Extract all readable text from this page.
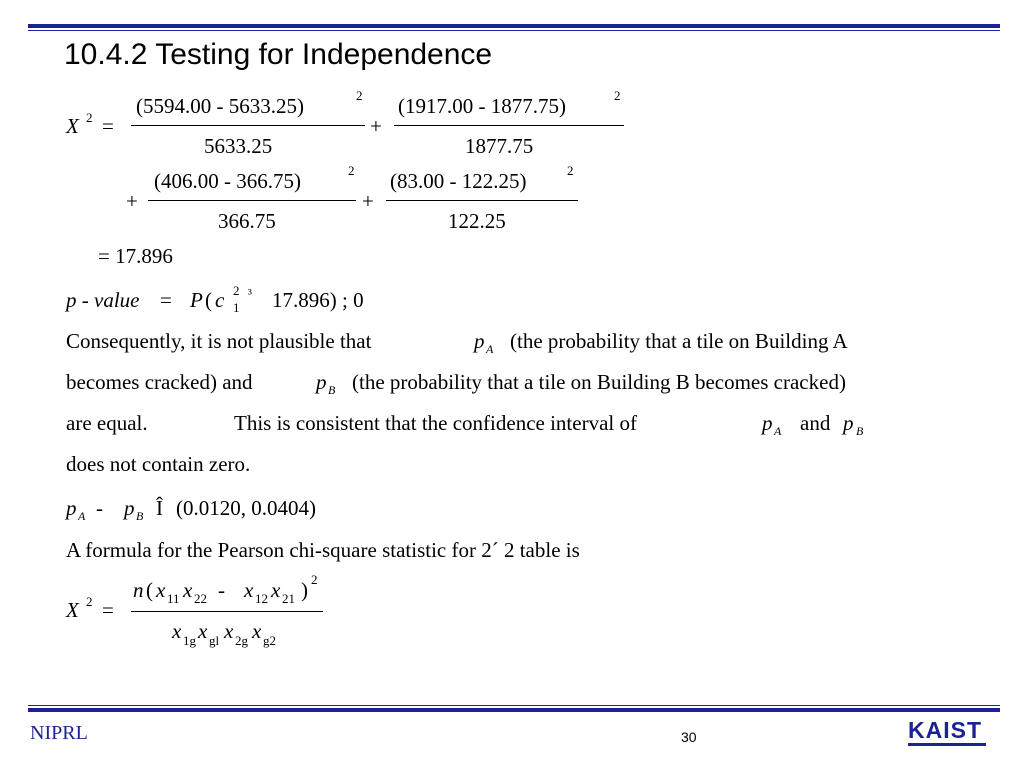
10.4.2 Testing for Independence
X 2 =
(5594.00 - 5633.25)	2
5633.25
+
(1917.00 - 1877.75)	2
1877.75
+
(406.00 - 366.75)	2
366.75
+
(83.00 - 122.25)	2
122.25
= 17.896
p - value = P ( c 2
1
³ 17.896) ; 0
Consequently, it is not plausible that	p A (the probability that a tile on Building A
becomes cracked) and	p B (the probability that a tile on Building B becomes cracked)
are equal.	This is consistent that the confidence interval of	p A and p B
does not contain zero.
p A - p B Î (0.0120, 0.0404)
A formula for the Pearson chi-square statistic for 2´ 2 table is
X 2 =
n ( x 11 x 22 - x 12 x 21 ) 2
x 1g x gl x 2g x g2
NIPRL	30	KAIST
